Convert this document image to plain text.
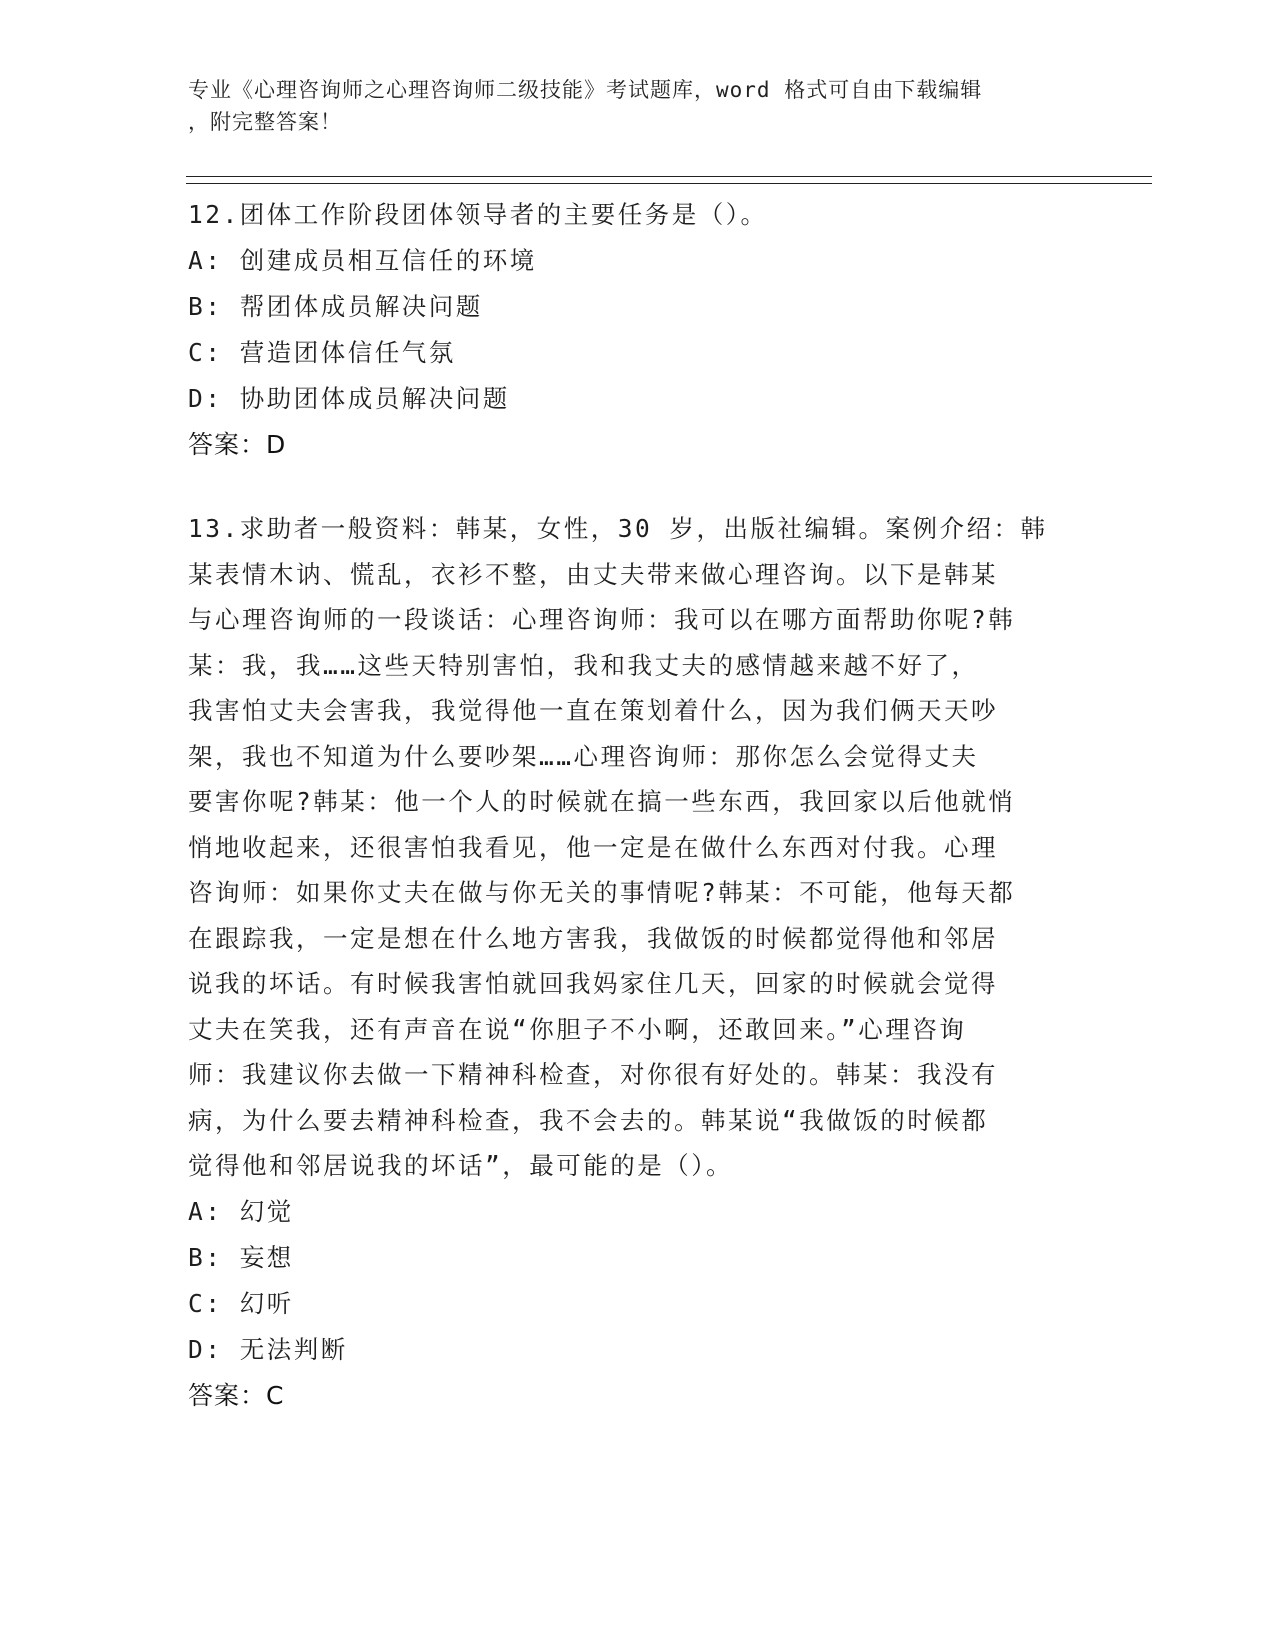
专业《心理咨询师之心理咨询师二级技能》考试题库，word 格式可自由下载编辑
，附完整答案！
12.团体工作阶段团体领导者的主要任务是（）。
A: 创建成员相互信任的环境
B: 帮团体成员解决问题
C: 营造团体信任气氛
D: 协助团体成员解决问题
答案：D
13.求助者一般资料：韩某，女性，30 岁，出版社编辑。案例介绍：韩
某表情木讷、慌乱，衣衫不整，由丈夫带来做心理咨询。以下是韩某
与心理咨询师的一段谈话：心理咨询师：我可以在哪方面帮助你呢?韩
某：我，我……这些天特别害怕，我和我丈夫的感情越来越不好了，
我害怕丈夫会害我，我觉得他一直在策划着什么，因为我们俩天天吵
架，我也不知道为什么要吵架……心理咨询师：那你怎么会觉得丈夫
要害你呢?韩某：他一个人的时候就在搞一些东西，我回家以后他就悄
悄地收起来，还很害怕我看见，他一定是在做什么东西对付我。心理
咨询师：如果你丈夫在做与你无关的事情呢?韩某：不可能，他每天都
在跟踪我，一定是想在什么地方害我，我做饭的时候都觉得他和邻居
说我的坏话。有时候我害怕就回我妈家住几天，回家的时候就会觉得
丈夫在笑我，还有声音在说“你胆子不小啊，还敢回来。”心理咨询
师：我建议你去做一下精神科检查，对你很有好处的。韩某：我没有
病，为什么要去精神科检查，我不会去的。韩某说“我做饭的时候都
觉得他和邻居说我的坏话”，最可能的是（）。
A: 幻觉
B: 妄想
C: 幻听
D: 无法判断
答案：C
